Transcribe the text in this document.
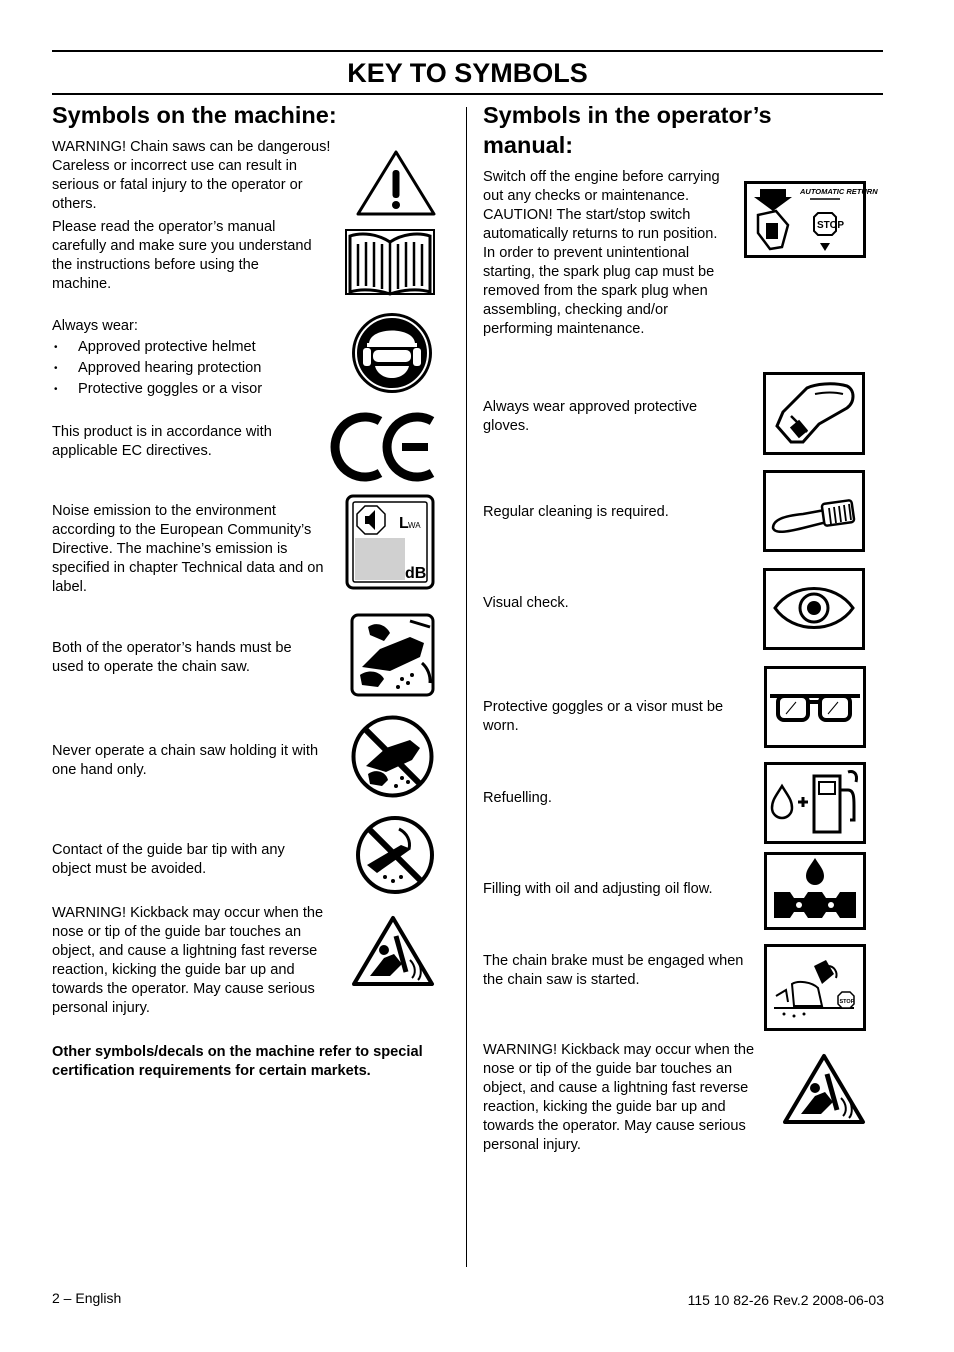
KEY TO SYMBOLS
Symbols on the machine:
WARNING! Chain saws can be dangerous! Careless or incorrect use can result in serious or fatal injury to the operator or others.
Please read the operator’s manual carefully and make sure you understand the instructions before using the machine.
Always wear:
• Approved protective helmet
• Approved hearing protection
• Protective goggles or a visor
This product is in accordance with applicable EC directives.
Noise emission to the environment according to the European Community’s Directive. The machine’s emission is specified in chapter Technical data and on label.
L WA
dB
Both of the operator’s hands must be used to operate the chain saw.
Never operate a chain saw holding it with one hand only.
Contact of the guide bar tip with any object must be avoided.
WARNING! Kickback may occur when the nose or tip of the guide bar touches an object, and cause a lightning fast reverse reaction, kicking the guide bar up and towards the operator. May cause serious personal injury.
Other symbols/decals on the machine refer to special certification requirements for certain markets.
Symbols in the operator’s manual:
Switch off the engine before carrying out any checks or maintenance. CAUTION! The start/stop switch automatically returns to run position. In order to prevent unintentional starting, the spark plug cap must be removed from the spark plug when assembling, checking and/or performing maintenance.
AUTOMATIC RETURN
STOP
Always wear approved protective gloves.
Regular cleaning is required.
Visual check.
Protective goggles or a visor must be worn.
Refuelling.
Filling with oil and adjusting oil flow.
The chain brake must be engaged when the chain saw is started.
STOP
WARNING! Kickback may occur when the nose or tip of the guide bar touches an object, and cause a lightning fast reverse reaction, kicking the guide bar up and towards the operator. May cause serious personal injury.
2 – English	115 10 82-26 Rev.2 2008-06-03
